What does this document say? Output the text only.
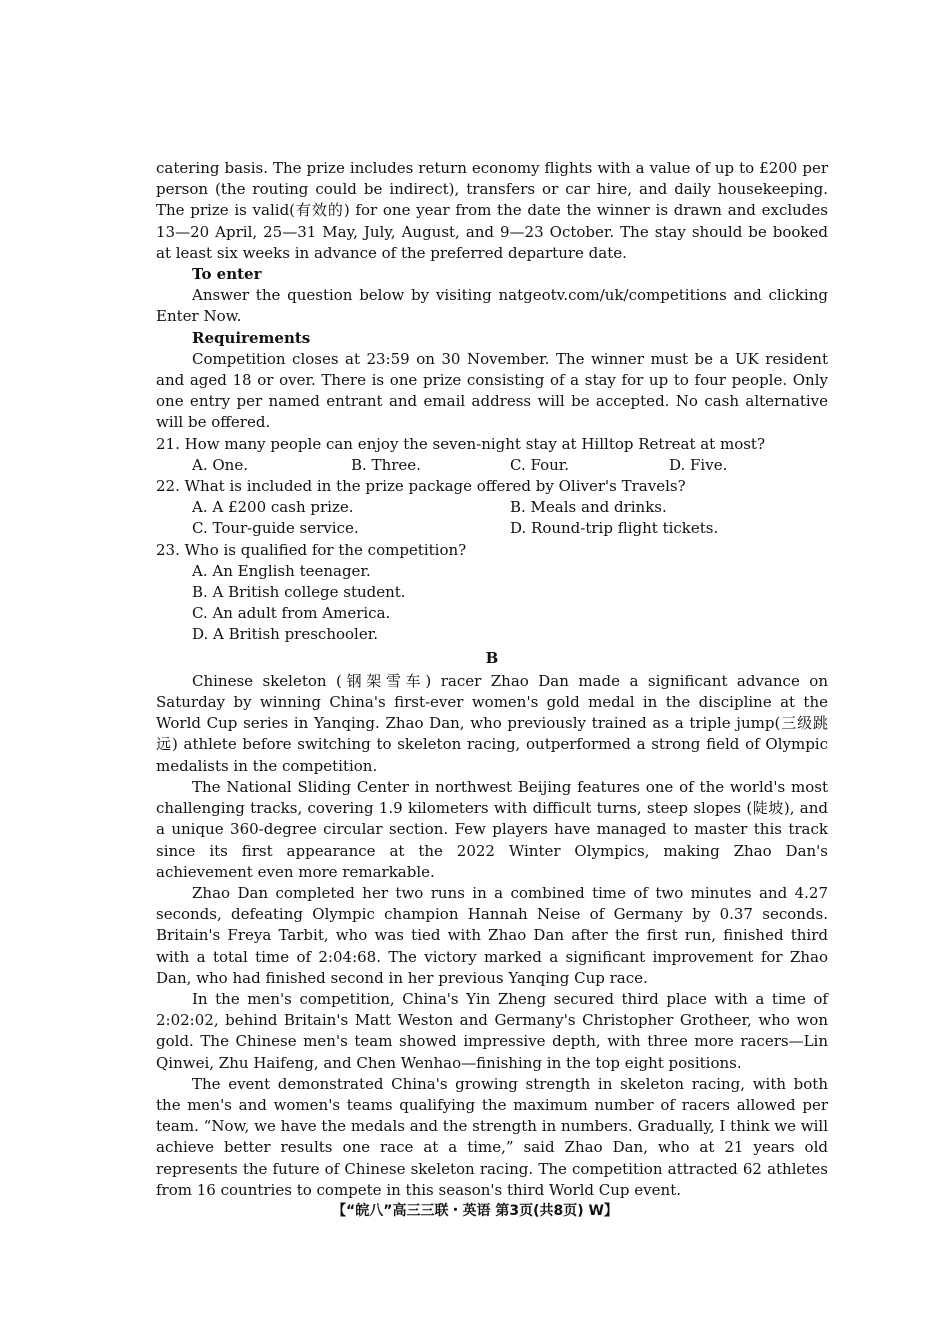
catering basis. The prize includes return economy flights with a value of up to £200 per person (the routing could be indirect), transfers or car hire, and daily housekeeping. The prize is valid(有效的) for one year from the date the winner is drawn and excludes 13—20 April, 25—31 May, July, August, and 9—23 October. The stay should be booked at least six weeks in advance of the preferred departure date.

To enter

Answer the question below by visiting natgeotv.com/uk/competitions and clicking Enter Now.

Requirements

Competition closes at 23:59 on 30 November. The winner must be a UK resident and aged 18 or over. There is one prize consisting of a stay for up to four people. Only one entry per named entrant and email address will be accepted. No cash alternative will be offered.

21. How many people can enjoy the seven-night stay at Hilltop Retreat at most?

A. One.	B. Three.	C. Four.	D. Five.

22. What is included in the prize package offered by Oliver's Travels?

A. A £200 cash prize.	B. Meals and drinks.
C. Tour-guide service.	D. Round-trip flight tickets.

23. Who is qualified for the competition?

A. An English teenager.
B. A British college student.
C. An adult from America.
D. A British preschooler.
B

Chinese skeleton (钢架雪车) racer Zhao Dan made a significant advance on Saturday by winning China's first-ever women's gold medal in the discipline at the World Cup series in Yanqing. Zhao Dan, who previously trained as a triple jump(三级跳远) athlete before switching to skeleton racing, outperformed a strong field of Olympic medalists in the competition.

The National Sliding Center in northwest Beijing features one of the world's most challenging tracks, covering 1.9 kilometers with difficult turns, steep slopes (陡坡), and a unique 360-degree circular section. Few players have managed to master this track since its first appearance at the 2022 Winter Olympics, making Zhao Dan's achievement even more remarkable.

Zhao Dan completed her two runs in a combined time of two minutes and 4.27 seconds, defeating Olympic champion Hannah Neise of Germany by 0.37 seconds. Britain's Freya Tarbit, who was tied with Zhao Dan after the first run, finished third with a total time of 2:04:68. The victory marked a significant improvement for Zhao Dan, who had finished second in her previous Yanqing Cup race.

In the men's competition, China's Yin Zheng secured third place with a time of 2:02:02, behind Britain's Matt Weston and Germany's Christopher Grotheer, who won gold. The Chinese men's team showed impressive depth, with three more racers—Lin Qinwei, Zhu Haifeng, and Chen Wenhao—finishing in the top eight positions.

The event demonstrated China's growing strength in skeleton racing, with both the men's and women's teams qualifying the maximum number of racers allowed per team. “Now, we have the medals and the strength in numbers. Gradually, I think we will achieve better results one race at a time,” said Zhao Dan, who at 21 years old represents the future of Chinese skeleton racing. The competition attracted 62 athletes from 16 countries to compete in this season's third World Cup event.

【“皖八”高三三联・英语 第3页(共8页) W】
